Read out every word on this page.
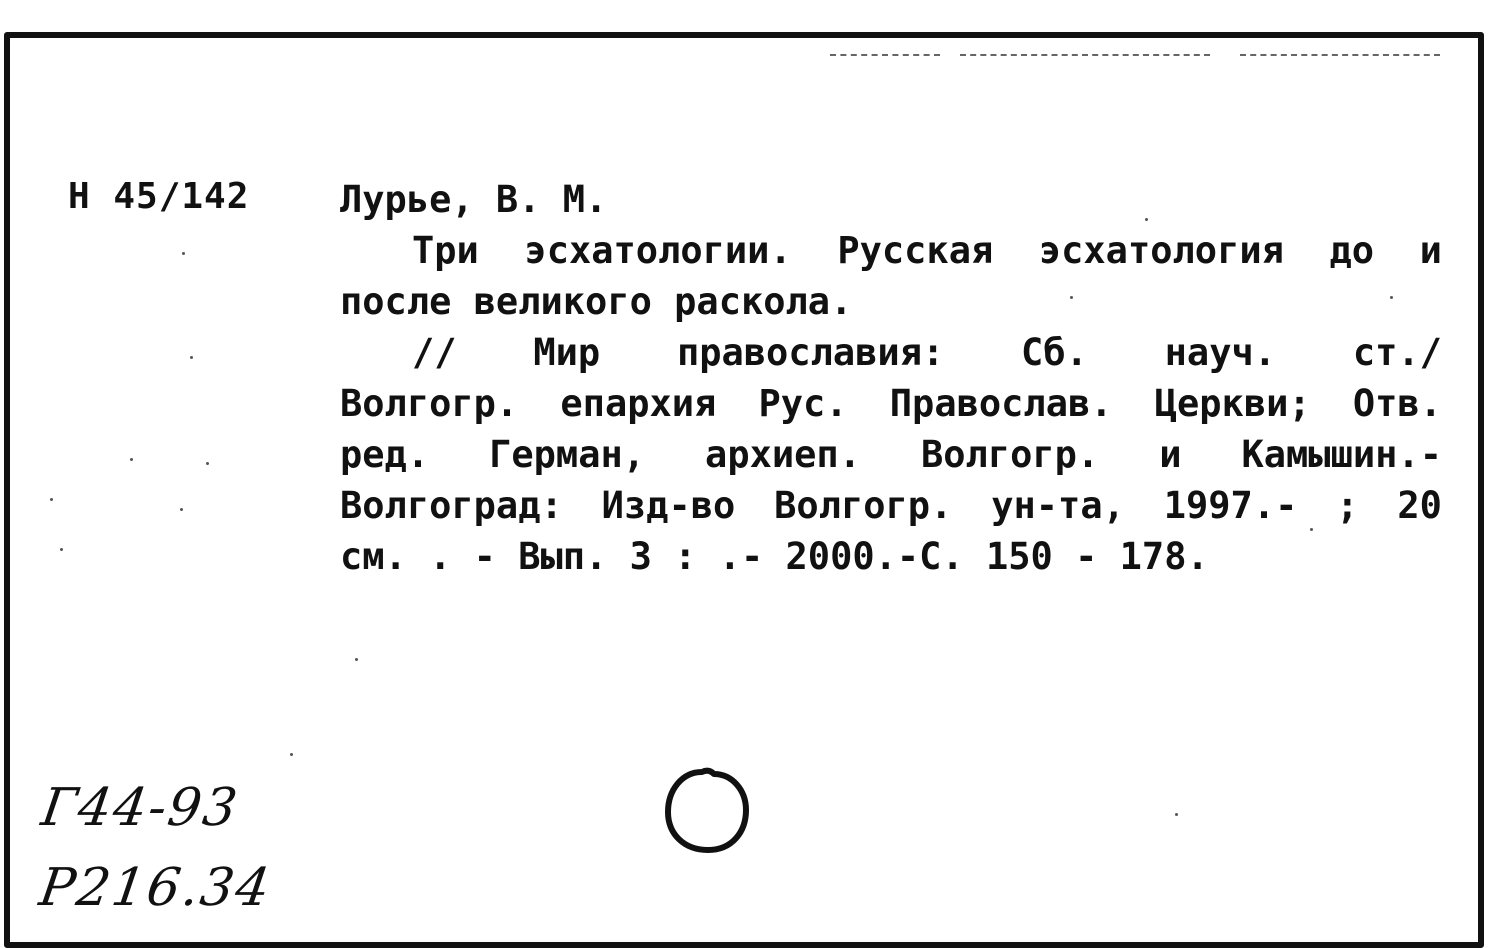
Н 45/142 Лурье, В. М.
Три эсхатологии. Русская эсхатология до и
после великого раскола.
// Мир православия: Сб. науч. ст./
Волгогр. епархия Рус. Православ. Церкви; Отв.
ред. Герман, архиеп. Волгогр. и Камышин.-
Волгоград: Изд-во Волгогр. ун-та, 1997.- ; 20
см. . - Вып. 3 : .- 2000.-С. 150 - 178.
Г44-93
Р216.34
